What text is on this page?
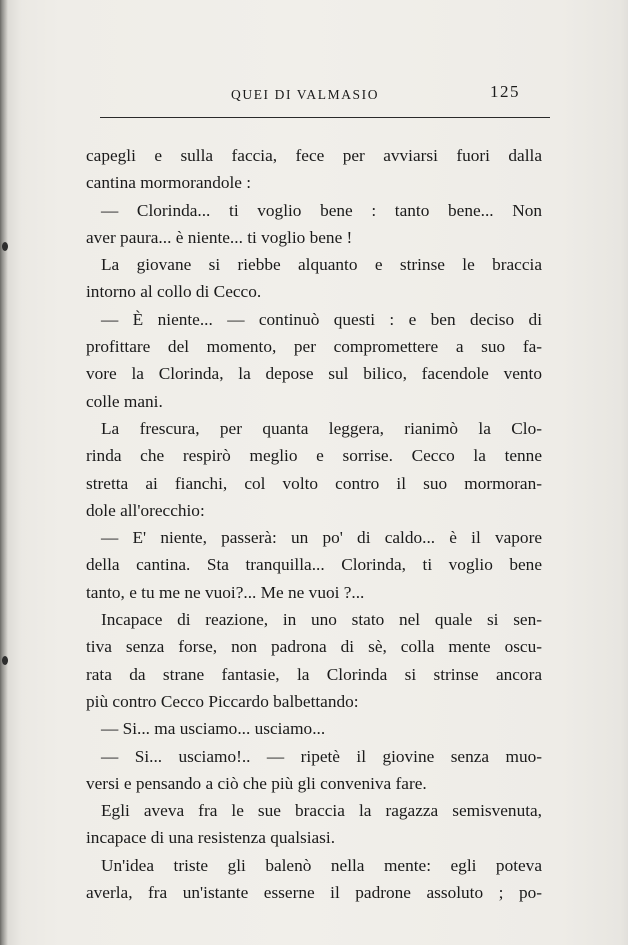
QUEI DI VALMASIO	125
capegli e sulla faccia, fece per avviarsi fuori dalla
cantina mormorandole :
— Clorinda... ti voglio bene : tanto bene... Non
aver paura... è niente... ti voglio bene !
La giovane si riebbe alquanto e strinse le braccia
intorno al collo di Cecco.
— È niente... — continuò questi : e ben deciso di
profittare del momento, per compromettere a suo fa-
vore la Clorinda, la depose sul bilico, facendole vento
colle mani.
La frescura, per quanta leggera, rianimò la Clo-
rinda che respirò meglio e sorrise. Cecco la tenne
stretta ai fianchi, col volto contro il suo mormoran-
dole all'orecchio:
— E' niente, passerà: un po' di caldo... è il vapore
della cantina. Sta tranquilla... Clorinda, ti voglio bene
tanto, e tu me ne vuoi?... Me ne vuoi ?...
Incapace di reazione, in uno stato nel quale si sen-
tiva senza forse, non padrona di sè, colla mente oscu-
rata da strane fantasie, la Clorinda si strinse ancora
più contro Cecco Piccardo balbettando:
— Si... ma usciamo... usciamo...
— Si... usciamo!.. — ripetè il giovine senza muo-
versi e pensando a ciò che più gli conveniva fare.
Egli aveva fra le sue braccia la ragazza semisvenuta,
incapace di una resistenza qualsiasi.
Un'idea triste gli balenò nella mente: egli poteva
averla, fra un'istante esserne il padrone assoluto ; po-
